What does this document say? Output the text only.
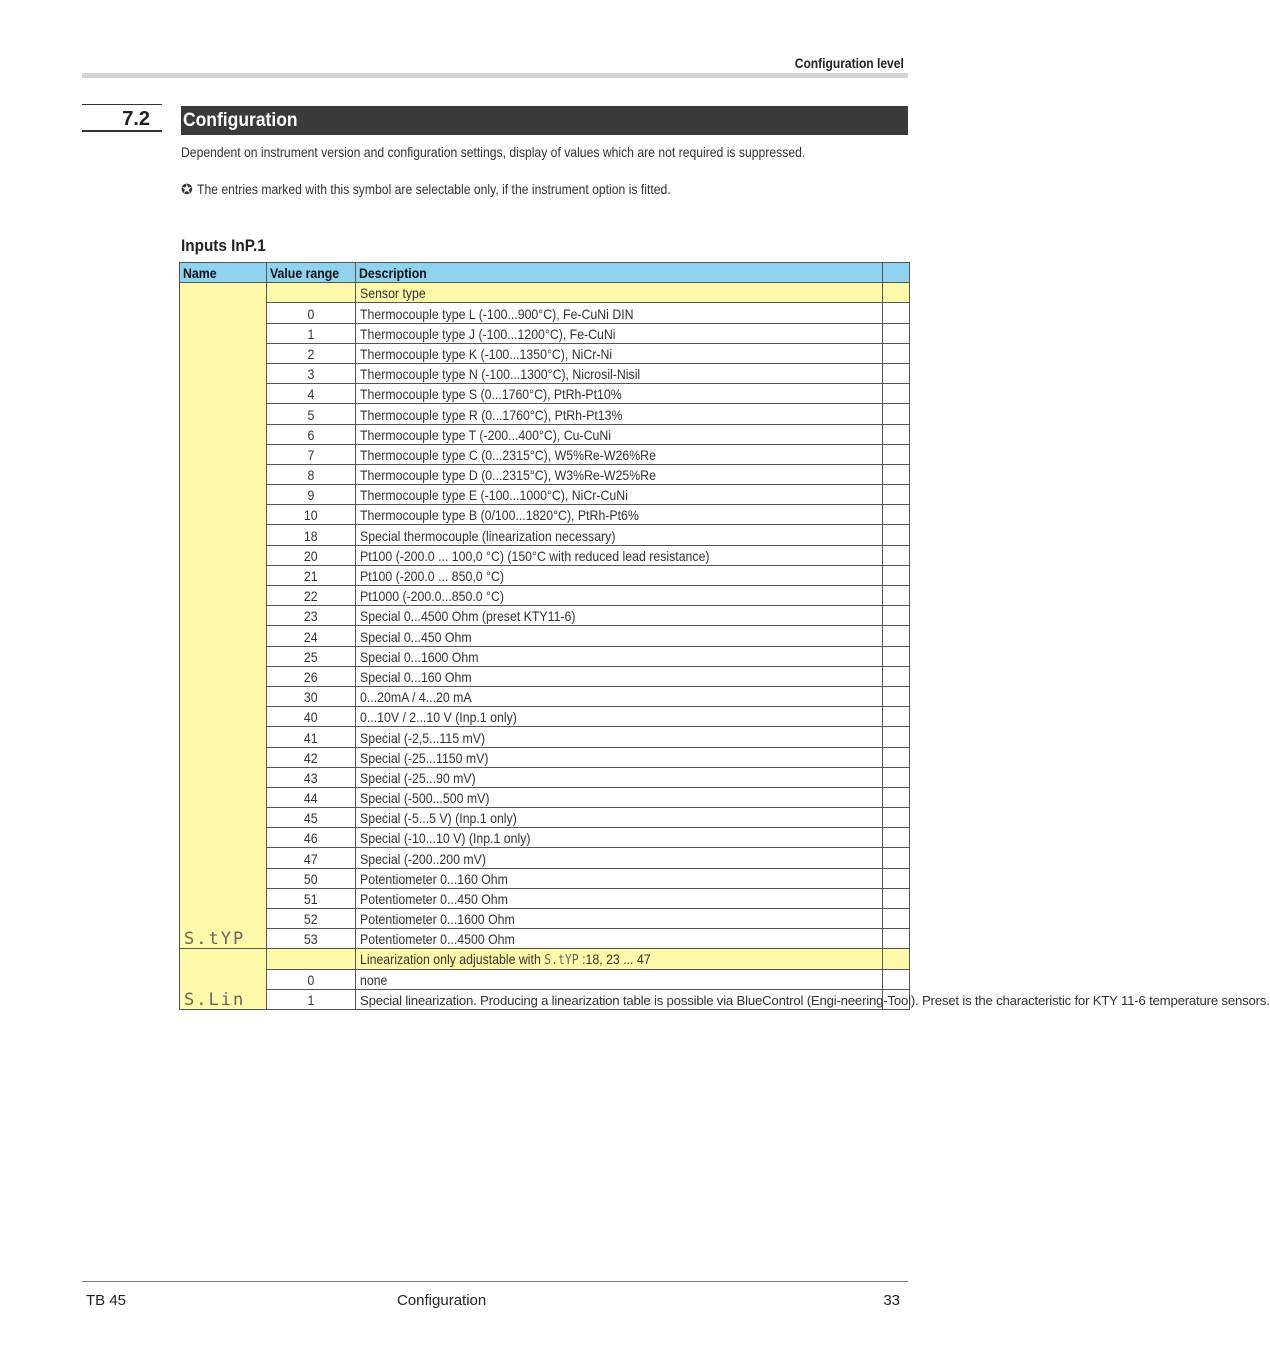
Configuration level
7.2	Configuration
Dependent on instrument version and configuration settings, display of values which are not required is suppressed.
✪ The entries marked with this symbol are selectable only, if the instrument option is fitted.
Inputs InP.1
Name	Value range	Description	
S.tYP		Sensor type	
	0	Thermocouple type L (-100...900°C), Fe-CuNi DIN	
	1	Thermocouple type J (-100...1200°C), Fe-CuNi	
	2	Thermocouple type K (-100...1350°C), NiCr-Ni	
	3	Thermocouple type N (-100...1300°C), Nicrosil-Nisil	
	4	Thermocouple type S (0...1760°C), PtRh-Pt10%	
	5	Thermocouple type R (0...1760°C), PtRh-Pt13%	
	6	Thermocouple type T (-200...400°C), Cu-CuNi	
	7	Thermocouple type C (0...2315°C), W5%Re-W26%Re	
	8	Thermocouple type D (0...2315°C), W3%Re-W25%Re	
	9	Thermocouple type E (-100...1000°C), NiCr-CuNi	
	10	Thermocouple type B (0/100...1820°C), PtRh-Pt6%	
	18	Special thermocouple (linearization necessary)	
	20	Pt100 (-200.0 ... 100,0 °C) (150°C with reduced lead resistance)	
	21	Pt100 (-200.0 ... 850,0 °C)	
	22	Pt1000 (-200.0...850.0 °C)	
	23	Special 0...4500 Ohm (preset KTY11-6)	
	24	Special 0...450 Ohm	
	25	Special 0...1600 Ohm	
	26	Special 0...160 Ohm	
	30	0...20mA / 4...20 mA	
	40	0...10V / 2...10 V (Inp.1 only)	
	41	Special (-2,5...115 mV)	
	42	Special (-25...1150 mV)	
	43	Special (-25...90 mV)	
	44	Special (-500...500 mV)	
	45	Special (-5...5 V) (Inp.1 only)	
	46	Special (-10...10 V) (Inp.1 only)	
	47	Special (-200..200 mV)	
	50	Potentiometer 0...160 Ohm	
	51	Potentiometer 0...450 Ohm	
	52	Potentiometer 0...1600 Ohm	
	53	Potentiometer 0...4500 Ohm	
S.Lin		Linearization only adjustable with S.tYP :18, 23 ... 47	
	0	none	
	1	Special linearization. Producing a linearization table is possible via BlueControl (Engi-neering-Tool). Preset is the characteristic for KTY 11-6 temperature sensors.	
TB 45	Configuration	33
